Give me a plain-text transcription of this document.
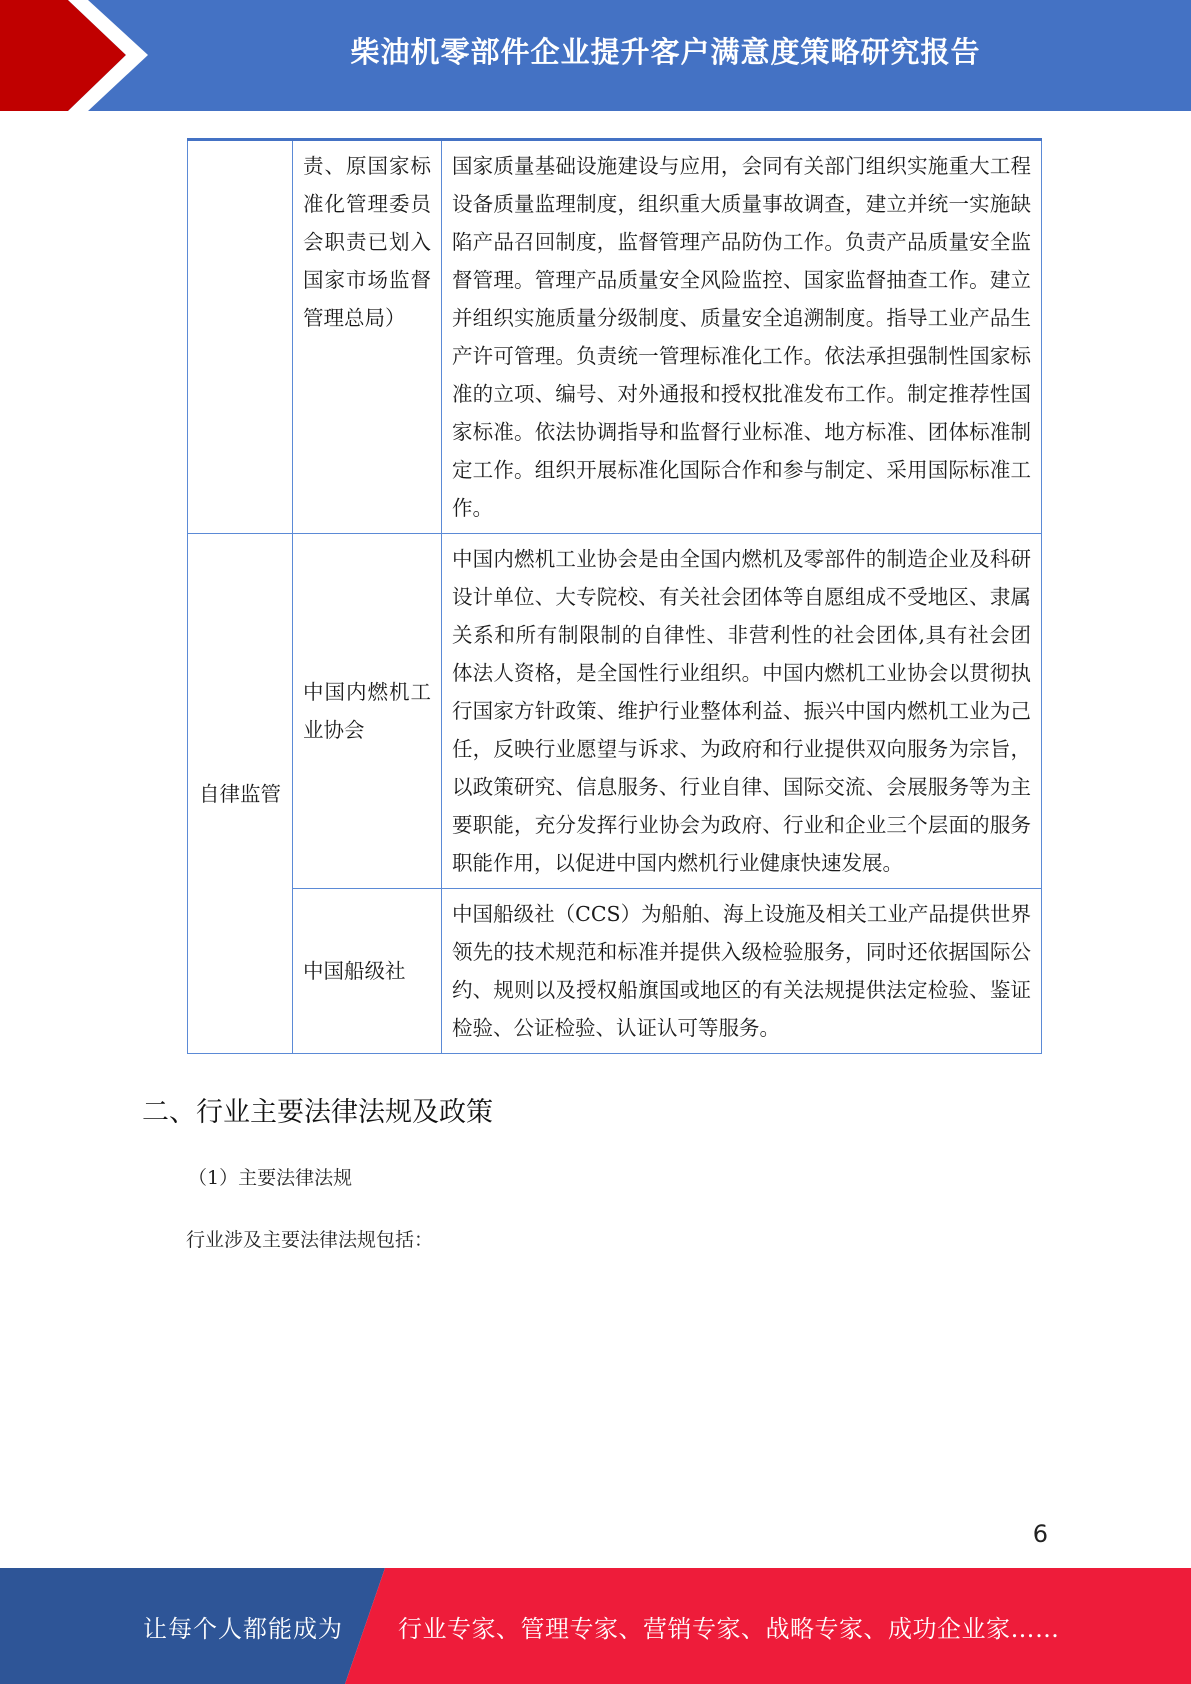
柴油机零部件企业提升客户满意度策略研究报告
	责、原国家标准化管理委员会职责已划入国家市场监督管理总局）	国家质量基础设施建设与应用，会同有关部门组织实施重大工程设备质量监理制度，组织重大质量事故调查，建立并统一实施缺陷产品召回制度，监督管理产品防伪工作。负责产品质量安全监督管理。管理产品质量安全风险监控、国家监督抽查工作。建立并组织实施质量分级制度、质量安全追溯制度。指导工业产品生产许可管理。负责统一管理标准化工作。依法承担强制性国家标准的立项、编号、对外通报和授权批准发布工作。制定推荐性国家标准。依法协调指导和监督行业标准、地方标准、团体标准制定工作。组织开展标准化国际合作和参与制定、采用国际标准工作。
自律监管	中国内燃机工业协会	中国内燃机工业协会是由全国内燃机及零部件的制造企业及科研设计单位、大专院校、有关社会团体等自愿组成不受地区、隶属关系和所有制限制的自律性、非营利性的社会团体,具有社会团体法人资格，是全国性行业组织。中国内燃机工业协会以贯彻执行国家方针政策、维护行业整体利益、振兴中国内燃机工业为己任，反映行业愿望与诉求、为政府和行业提供双向服务为宗旨，以政策研究、信息服务、行业自律、国际交流、会展服务等为主要职能，充分发挥行业协会为政府、行业和企业三个层面的服务职能作用，以促进中国内燃机行业健康快速发展。
	中国船级社	中国船级社（CCS）为船舶、海上设施及相关工业产品提供世界领先的技术规范和标准并提供入级检验服务，同时还依据国际公约、规则以及授权船旗国或地区的有关法规提供法定检验、鉴证检验、公证检验、认证认可等服务。
二、行业主要法律法规及政策
（1）主要法律法规
行业涉及主要法律法规包括：
6
让每个人都能成为 行业专家、管理专家、营销专家、战略专家、成功企业家……
